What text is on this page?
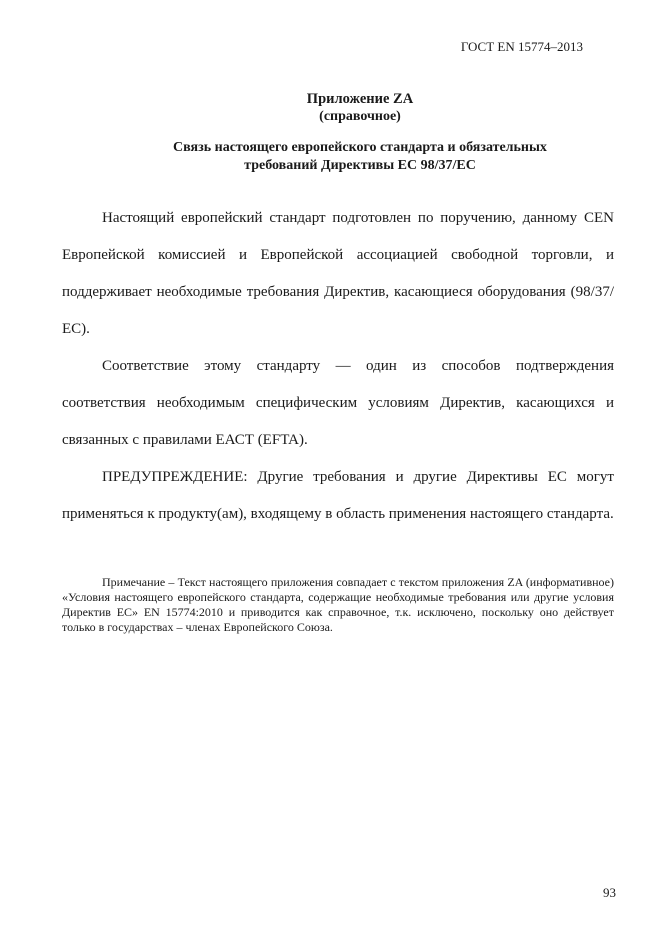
ГОСТ EN 15774–2013
Приложение ZA
(справочное)
Связь настоящего европейского стандарта и обязательных
требований Директивы ЕС 98/37/ЕС

Настоящий европейский стандарт подготовлен по поручению, данному CEN Европейской комиссией и Европейской ассоциацией свободной торговли, и поддерживает необходимые требования Директив, касающиеся оборудования (98/37/ЕС).

Соответствие этому стандарту — один из способов подтверждения соответствия необходимым специфическим условиям Директив, касающихся и связанных с правилами ЕАСТ (EFTA).

ПРЕДУПРЕЖДЕНИЕ: Другие требования и другие Директивы ЕС могут применяться к продукту(ам), входящему в область применения настоящего стандарта.

Примечание – Текст настоящего приложения совпадает с текстом приложения ZA (информативное) «Условия настоящего европейского стандарта, содержащие необходимые требования или другие условия Директив ЕС» EN 15774:2010 и приводится как справочное, т.к. исключено, поскольку оно действует только в государствах – членах Европейского Союза.

93
